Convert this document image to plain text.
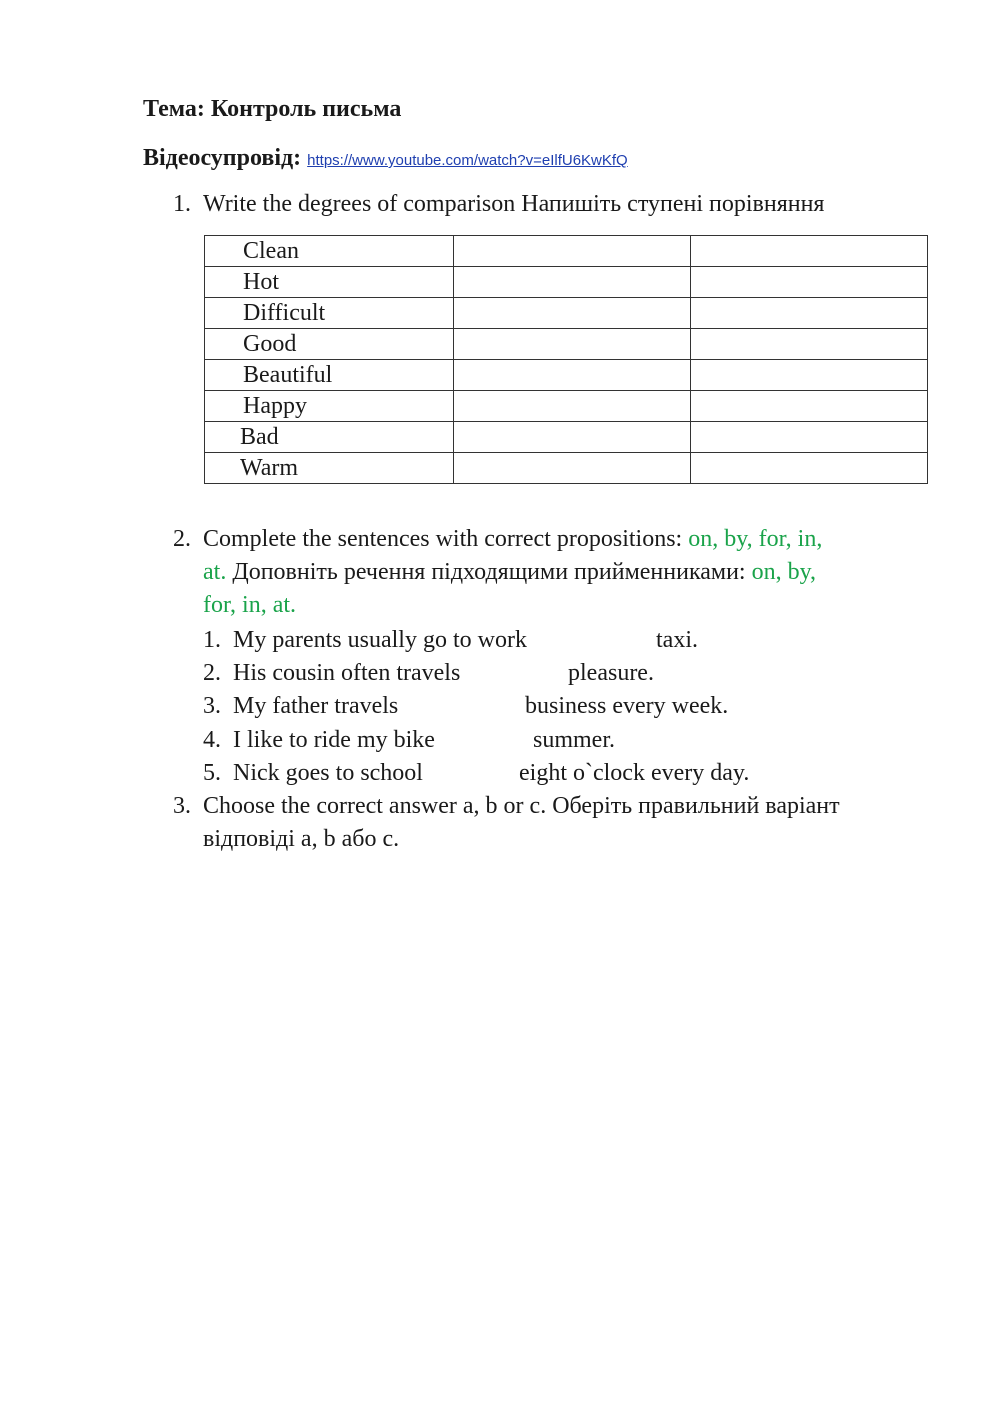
Тема: Контроль письма
Відеосупровід: https://www.youtube.com/watch?v=eIlfU6KwKfQ
1. Write the degrees of comparison Напишіть ступені порівняння
Clean		
Hot		
Difficult		
Good		
Beautiful		
Happy		
Bad		
Warm		
2. Complete the sentences with correct propositions: on, by, for, in,
at. Доповніть речення підходящими прийменниками: on, by,
for, in, at.
1. My parents usually go to work	taxi.
2. His cousin often travels	pleasure.
3. My father travels	business every week.
4. I like to ride my bike	summer.
5. Nick goes to school	eight o`clock every day.
3. Choose the correct answer a, b or c. Оберіть правильний варіант
відповіді a, b або c.
